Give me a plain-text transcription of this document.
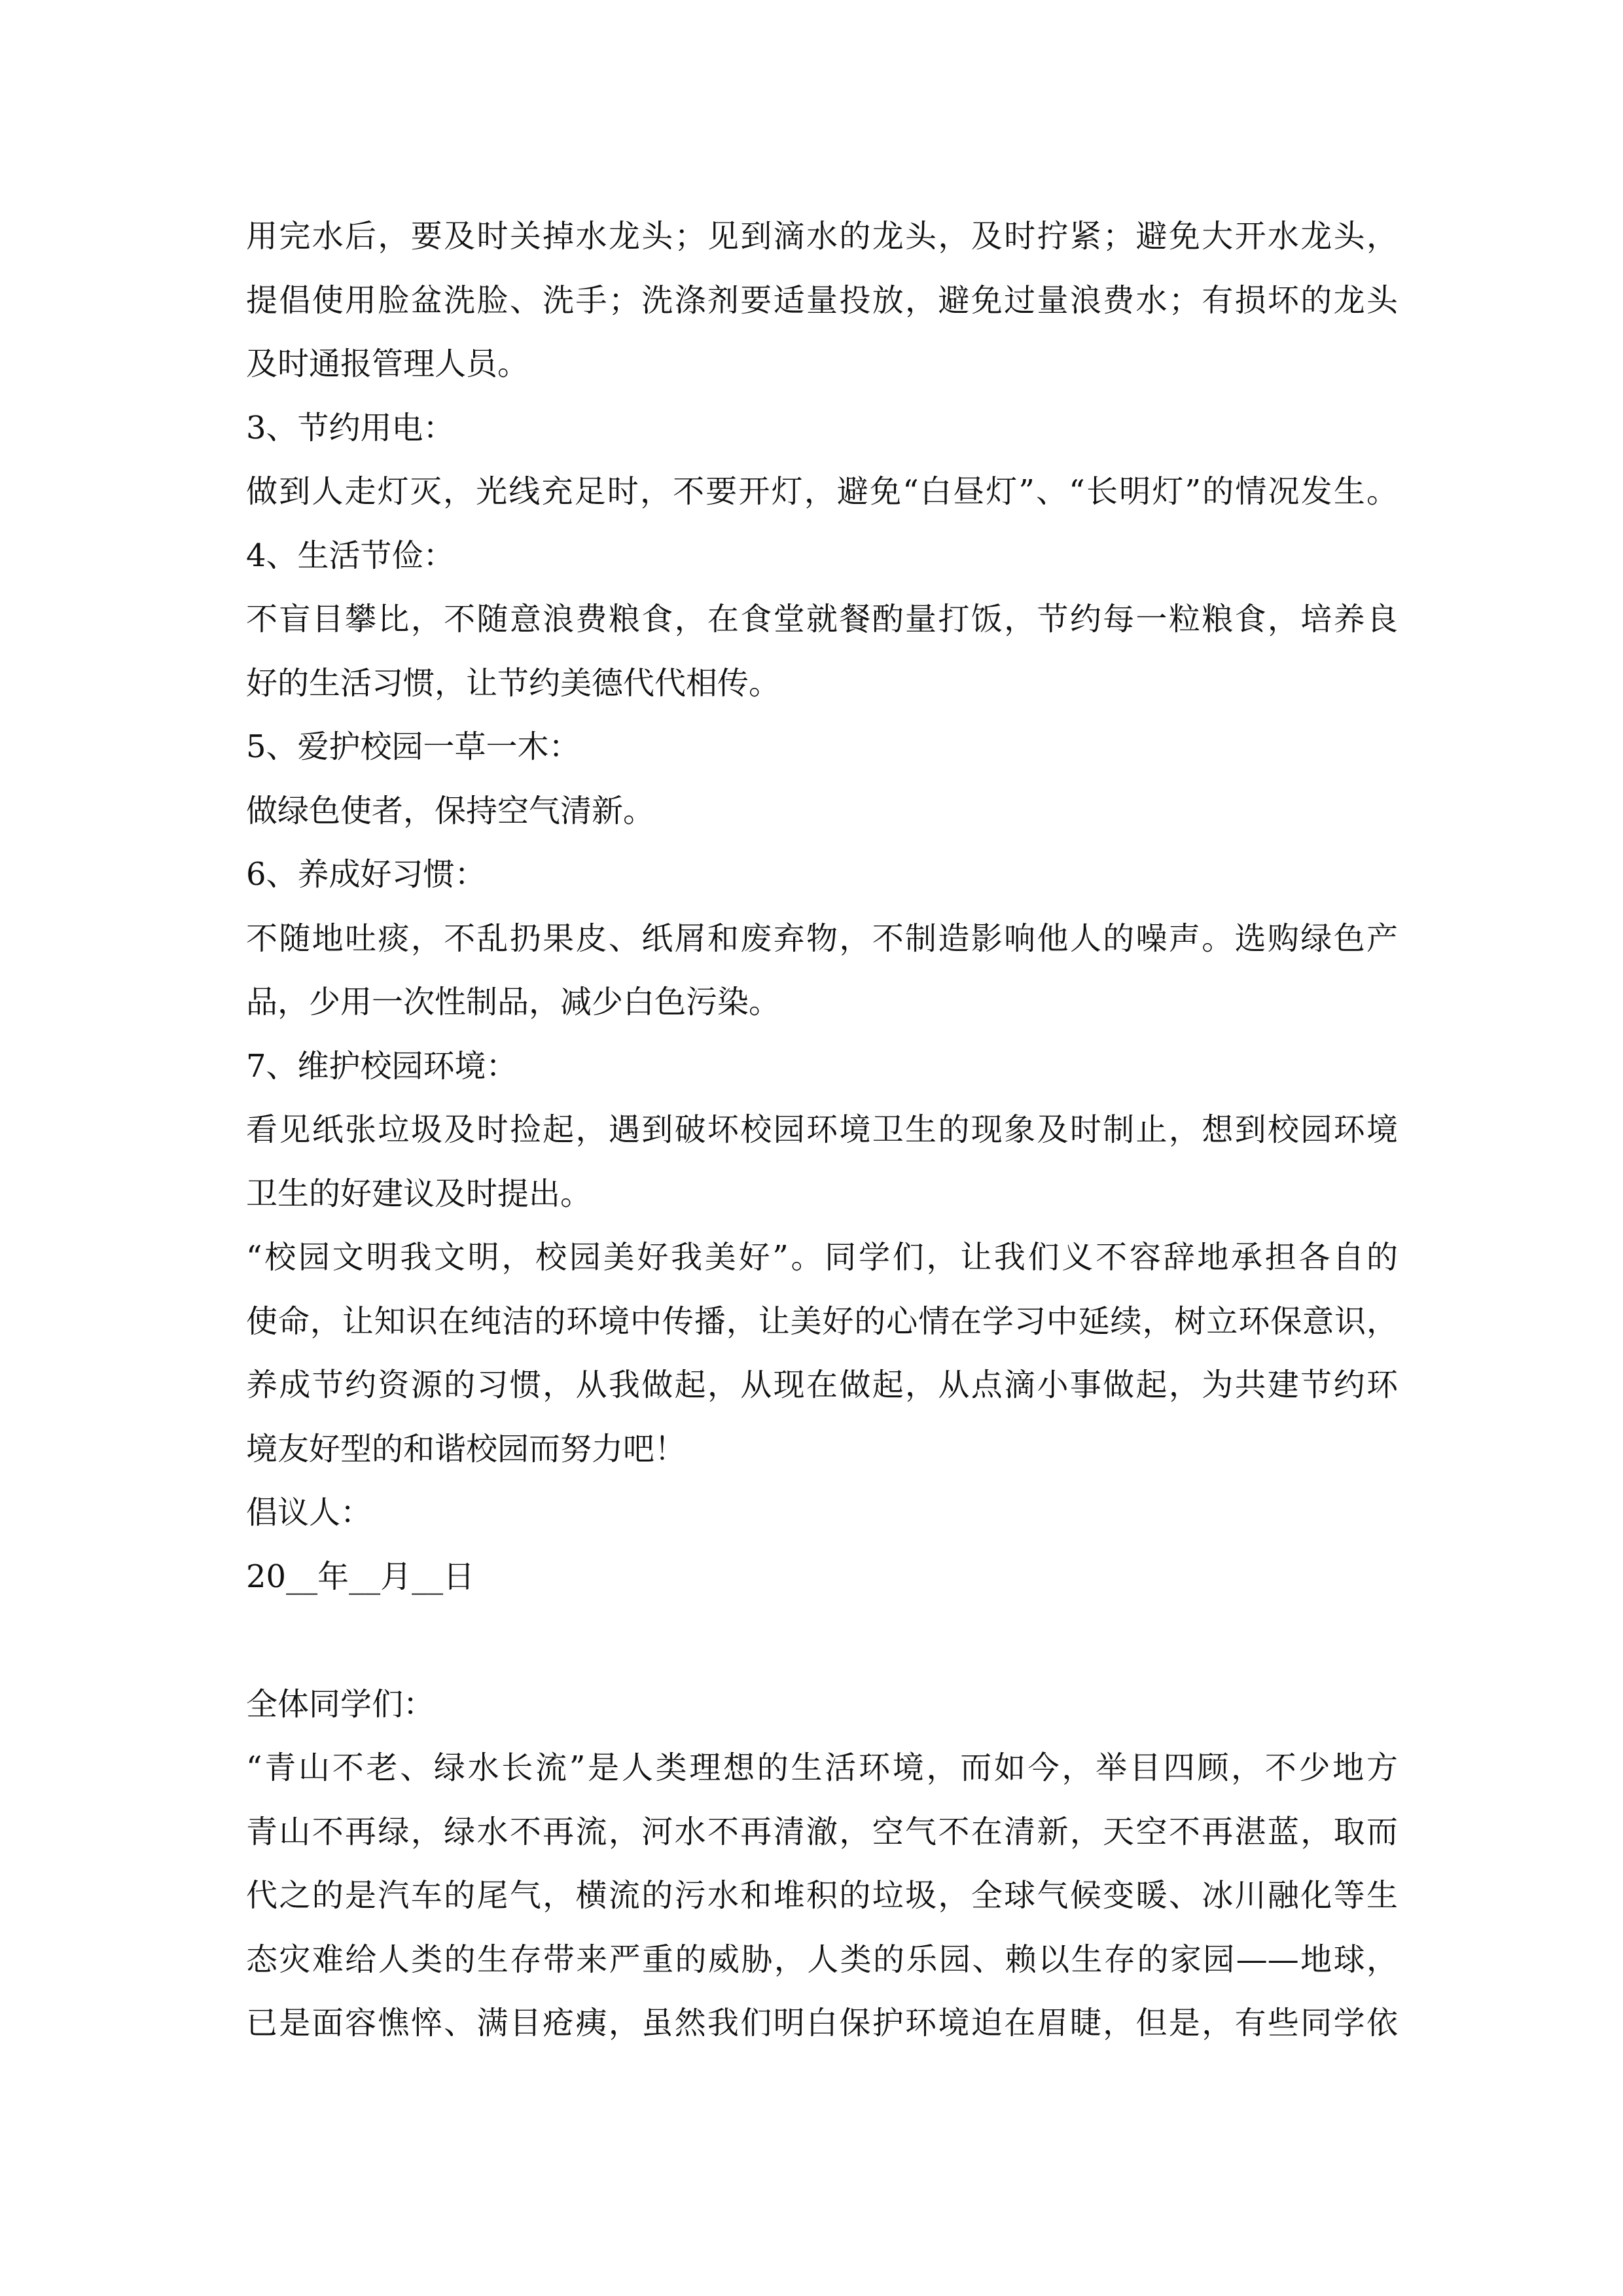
用完水后，要及时关掉水龙头；见到滴水的龙头，及时拧紧；避免大开水龙头，
提倡使用脸盆洗脸、洗手；洗涤剂要适量投放，避免过量浪费水；有损坏的龙头
及时通报管理人员。
3、节约用电：
做到人走灯灭，光线充足时，不要开灯，避免“白昼灯”、“长明灯”的情况发生。
4、生活节俭：
不盲目攀比，不随意浪费粮食，在食堂就餐酌量打饭，节约每一粒粮食，培养良
好的生活习惯，让节约美德代代相传。
5、爱护校园一草一木：
做绿色使者，保持空气清新。
6、养成好习惯：
不随地吐痰，不乱扔果皮、纸屑和废弃物，不制造影响他人的噪声。选购绿色产
品，少用一次性制品，减少白色污染。
7、维护校园环境：
看见纸张垃圾及时捡起，遇到破坏校园环境卫生的现象及时制止，想到校园环境
卫生的好建议及时提出。
“校园文明我文明，校园美好我美好”。同学们，让我们义不容辞地承担各自的
使命，让知识在纯洁的环境中传播，让美好的心情在学习中延续，树立环保意识，
养成节约资源的习惯，从我做起，从现在做起，从点滴小事做起，为共建节约环
境友好型的和谐校园而努力吧！
倡议人：
20__年__月__日
全体同学们：
“青山不老、绿水长流”是人类理想的生活环境，而如今，举目四顾，不少地方
青山不再绿，绿水不再流，河水不再清澈，空气不在清新，天空不再湛蓝，取而
代之的是汽车的尾气，横流的污水和堆积的垃圾，全球气候变暖、冰川融化等生
态灾难给人类的生存带来严重的威胁，人类的乐园、赖以生存的家园——地球，
已是面容憔悴、满目疮痍，虽然我们明白保护环境迫在眉睫，但是，有些同学依
